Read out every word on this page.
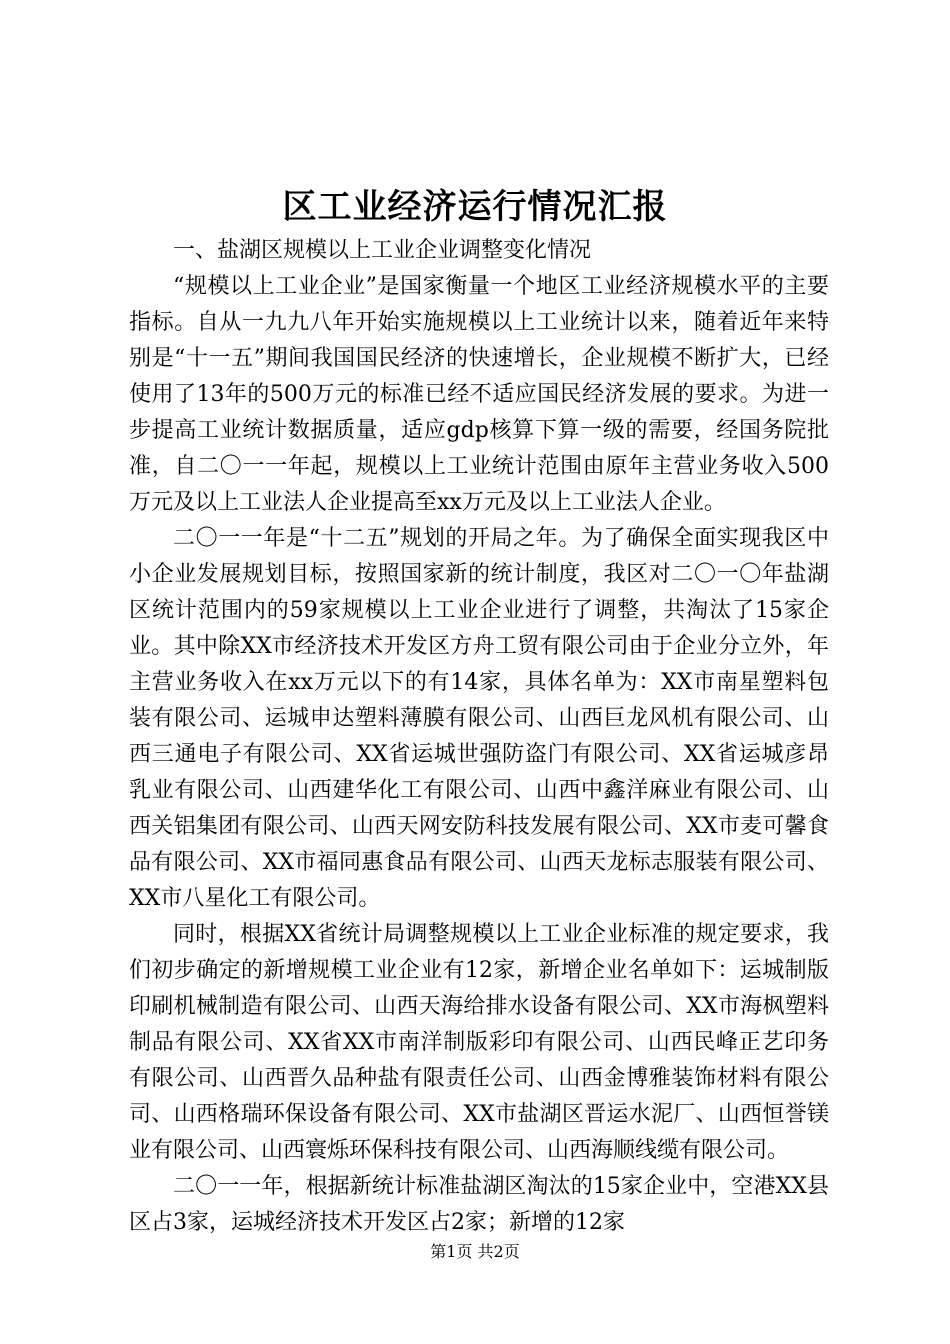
区工业经济运行情况汇报

一、盐湖区规模以上工业企业调整变化情况

“规模以上工业企业”是国家衡量一个地区工业经济规模水平的主要指标。自从一九九八年开始实施规模以上工业统计以来，随着近年来特别是“十一五”期间我国国民经济的快速增长，企业规模不断扩大，已经使用了13年的500万元的标准已经不适应国民经济发展的要求。为进一步提高工业统计数据质量，适应gdp核算下算一级的需要，经国务院批准，自二〇一一年起，规模以上工业统计范围由原年主营业务收入500万元及以上工业法人企业提高至xx万元及以上工业法人企业。

二〇一一年是“十二五”规划的开局之年。为了确保全面实现我区中小企业发展规划目标，按照国家新的统计制度，我区对二〇一〇年盐湖区统计范围内的59家规模以上工业企业进行了调整，共淘汰了15家企业。其中除XX市经济技术开发区方舟工贸有限公司由于企业分立外，年主营业务收入在xx万元以下的有14家，具体名单为：XX市南星塑料包装有限公司、运城申达塑料薄膜有限公司、山西巨龙风机有限公司、山西三通电子有限公司、XX省运城世强防盗门有限公司、XX省运城彦昂乳业有限公司、山西建华化工有限公司、山西中鑫洋麻业有限公司、山西关铝集团有限公司、山西天网安防科技发展有限公司、XX市麦可馨食品有限公司、XX市福同惠食品有限公司、山西天龙标志服装有限公司、XX市八星化工有限公司。

同时，根据XX省统计局调整规模以上工业企业标准的规定要求，我们初步确定的新增规模工业企业有12家，新增企业名单如下：运城制版印刷机械制造有限公司、山西天海给排水设备有限公司、XX市海枫塑料制品有限公司、XX省XX市南洋制版彩印有限公司、山西民峰正艺印务有限公司、山西晋久品种盐有限责任公司、山西金博雅装饰材料有限公司、山西格瑞环保设备有限公司、XX市盐湖区晋运水泥厂、山西恒誉镁业有限公司、山西寰烁环保科技有限公司、山西海顺线缆有限公司。

二〇一一年，根据新统计标准盐湖区淘汰的15家企业中，空港XX县区占3家，运城经济技术开发区占2家；新增的12家

第1页 共2页
